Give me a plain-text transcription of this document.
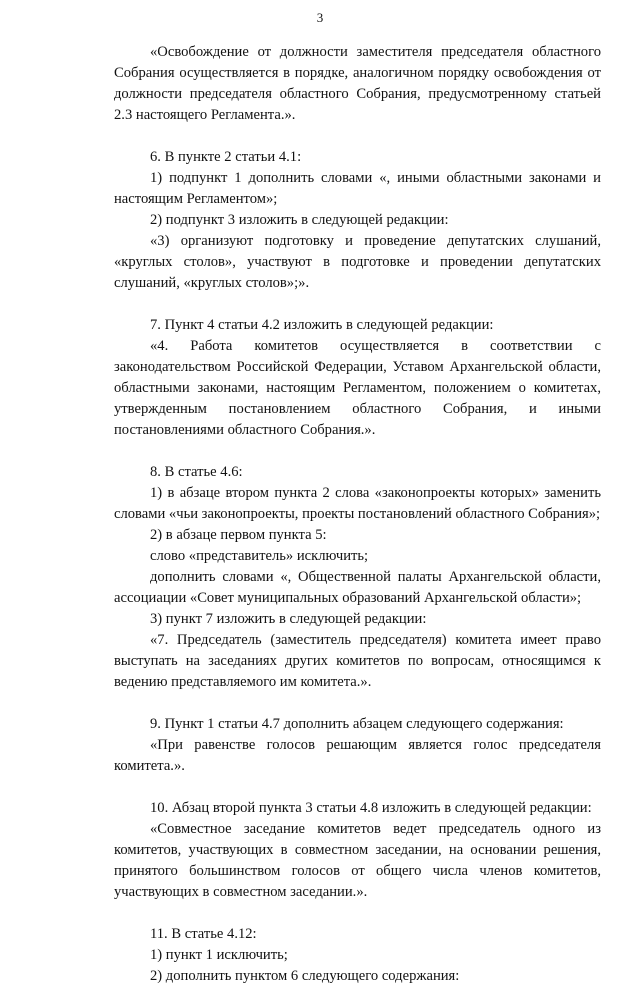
3

«Освобождение от должности заместителя председателя областного Собрания осуществляется в порядке, аналогичном порядку освобождения от должности председателя областного Собрания, предусмотренному статьей 2.3 настоящего Регламента.».

6. В пункте 2 статьи 4.1:

1) подпункт 1 дополнить словами «, иными областными законами и настоящим Регламентом»;

2) подпункт 3 изложить в следующей редакции:

«3) организуют подготовку и проведение депутатских слушаний, «круглых столов», участвуют в подготовке и проведении депутатских слушаний, «круглых столов»;».

7. Пункт 4 статьи 4.2 изложить в следующей редакции:

«4. Работа комитетов осуществляется в соответствии с законодательством Российской Федерации, Уставом Архангельской области, областными законами, настоящим Регламентом, положением о комитетах, утвержденным постановлением областного Собрания, и иными постановлениями областного Собрания.».

8. В статье 4.6:

1) в абзаце втором пункта 2 слова «законопроекты которых» заменить словами «чьи законопроекты, проекты постановлений областного Собрания»;

2) в абзаце первом пункта 5:

слово «представитель» исключить;

дополнить словами «, Общественной палаты Архангельской области, ассоциации «Совет муниципальных образований Архангельской области»;

3) пункт 7 изложить в следующей редакции:

«7. Председатель (заместитель председателя) комитета имеет право выступать на заседаниях других комитетов по вопросам, относящимся к ведению представляемого им комитета.».

9. Пункт 1 статьи 4.7 дополнить абзацем следующего содержания:

«При равенстве голосов решающим является голос председателя комитета.».

10. Абзац второй пункта 3 статьи 4.8 изложить в следующей редакции:

«Совместное заседание комитетов ведет председатель одного из комитетов, участвующих в совместном заседании, на основании решения, принятого большинством голосов от общего числа членов комитетов, участвующих в совместном заседании.».

11. В статье 4.12:

1) пункт 1 исключить;

2) дополнить пунктом 6 следующего содержания:
